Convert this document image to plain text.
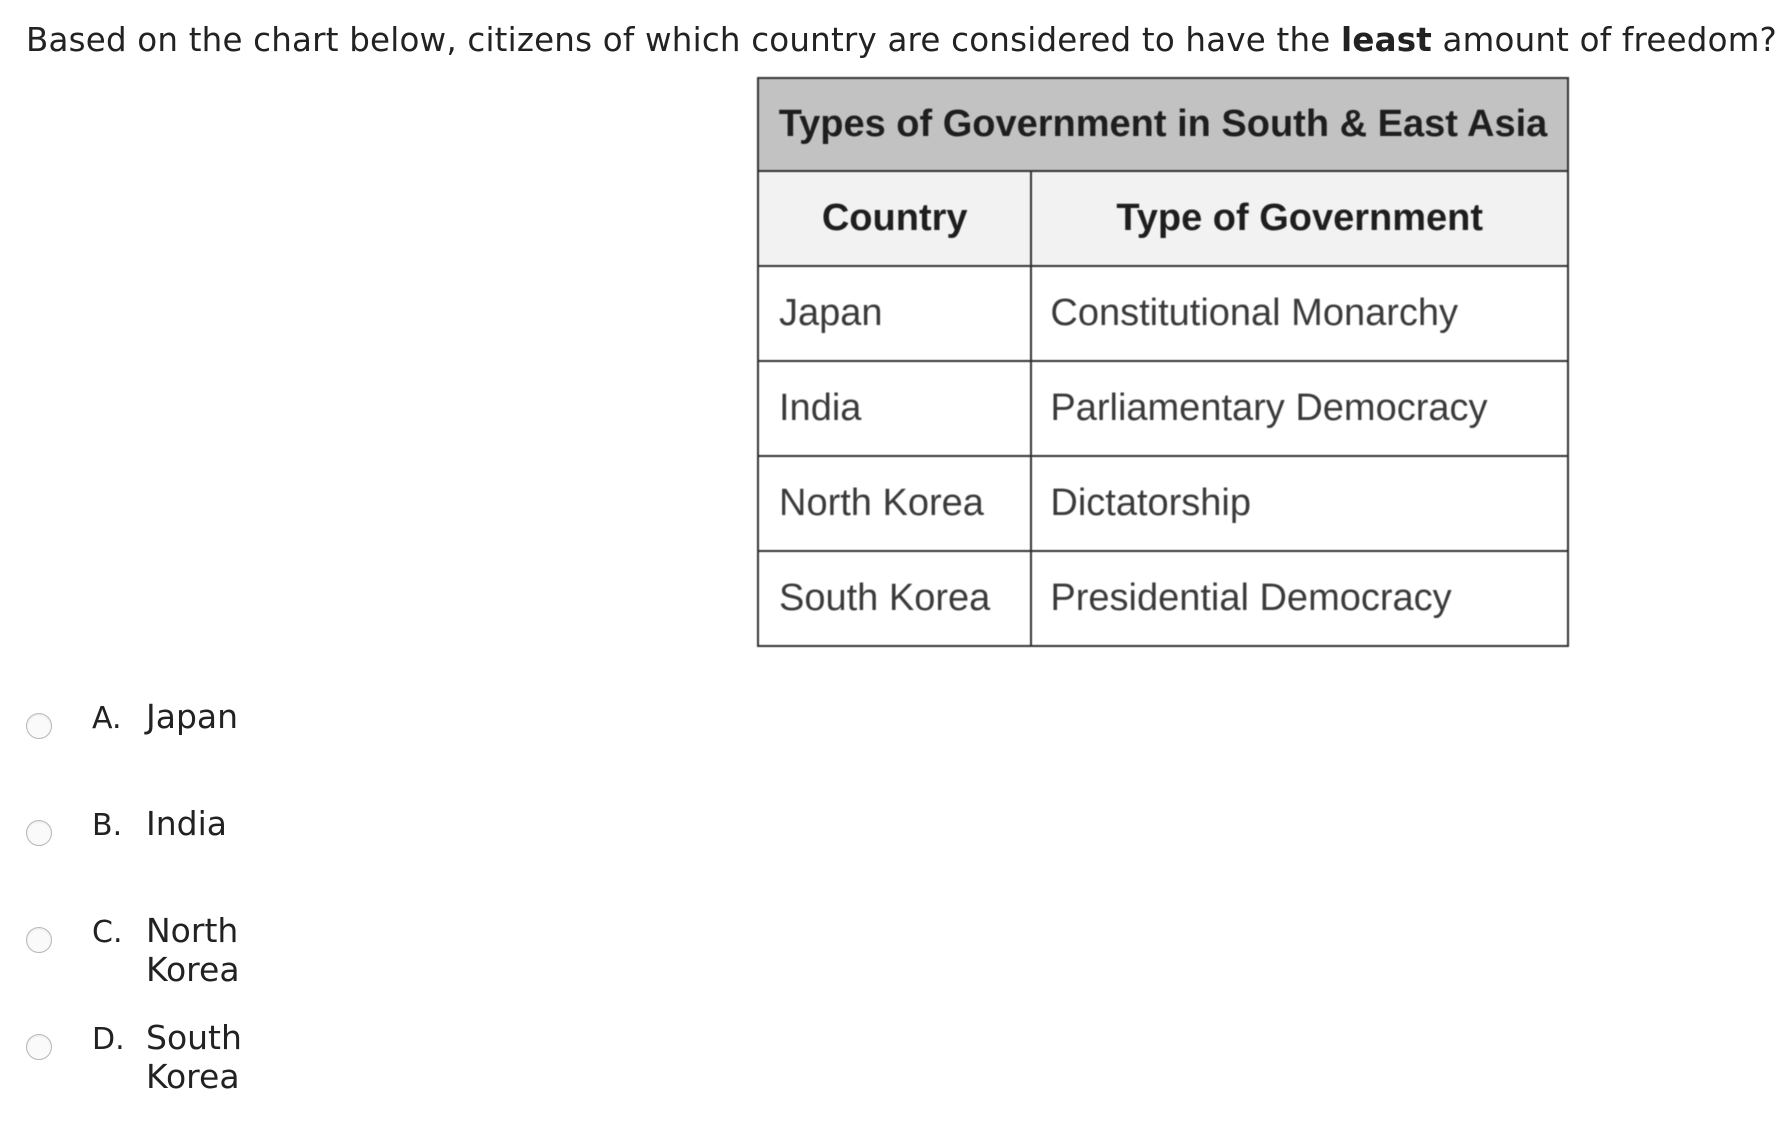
Based on the chart below, citizens of which country are considered to have the least amount of freedom?
Types of Government in South & East Asia	
Country	Type of Government
Japan	Constitutional Monarchy
India	Parliamentary Democracy
North Korea	Dictatorship
South Korea	Presidential Democracy
A. Japan
B. India
C. North Korea
D. South Korea
